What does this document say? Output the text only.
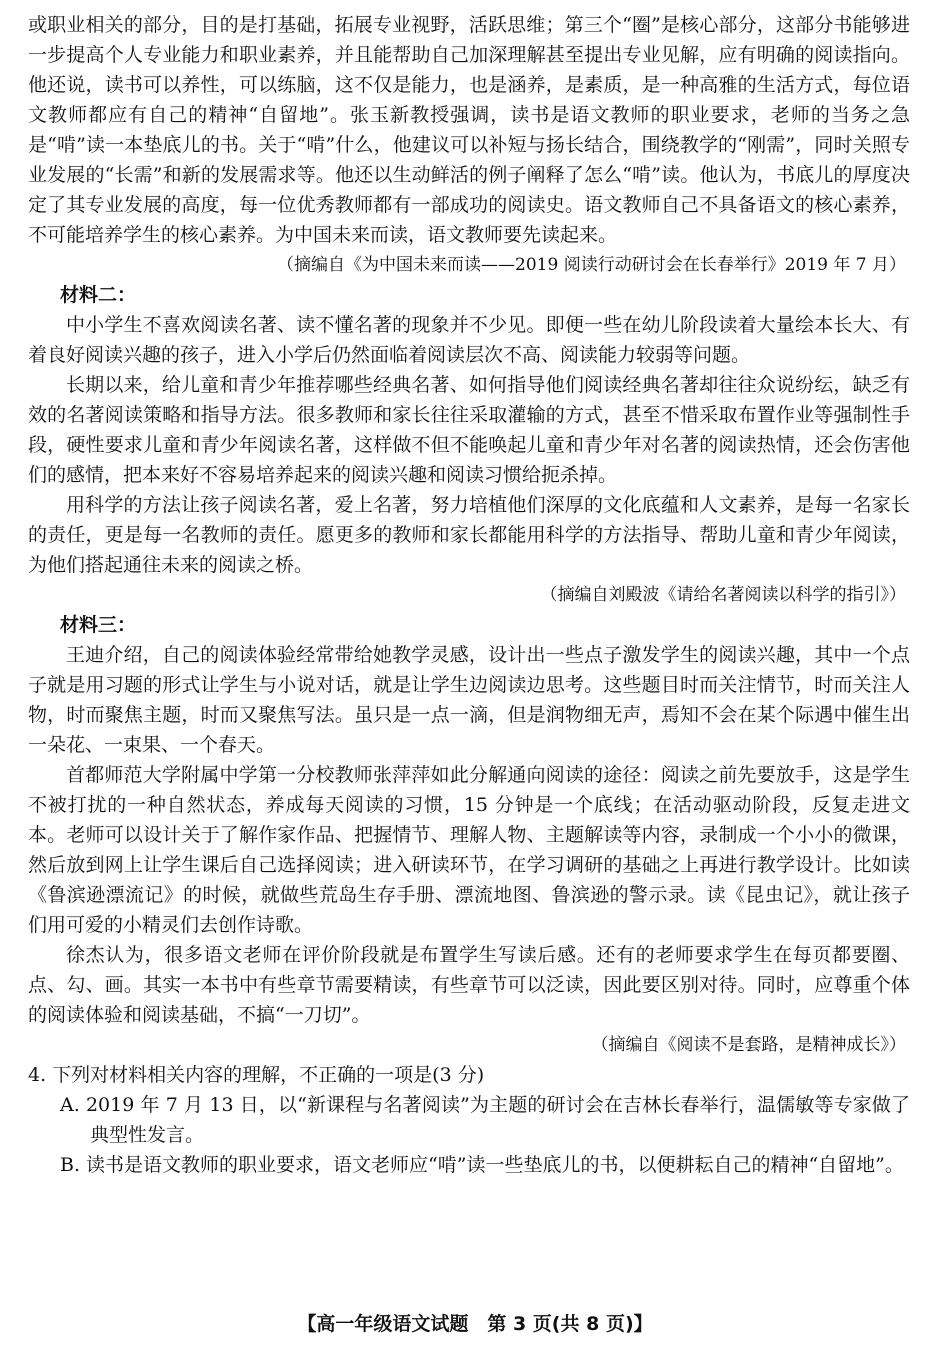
或职业相关的部分，目的是打基础，拓展专业视野，活跃思维；第三个“圈”是核心部分，这部分书能够进一步提高个人专业能力和职业素养，并且能帮助自己加深理解甚至提出专业见解，应有明确的阅读指向。他还说，读书可以养性，可以练脑，这不仅是能力，也是涵养，是素质，是一种高雅的生活方式，每位语文教师都应有自己的精神“自留地”。张玉新教授强调，读书是语文教师的职业要求，老师的当务之急是“啃”读一本垫底儿的书。关于“啃”什么，他建议可以补短与扬长结合，围绕教学的“刚需”，同时关照专业发展的“长需”和新的发展需求等。他还以生动鲜活的例子阐释了怎么“啃”读。他认为，书底儿的厚度决定了其专业发展的高度，每一位优秀教师都有一部成功的阅读史。语文教师自己不具备语文的核心素养，不可能培养学生的核心素养。为中国未来而读，语文教师要先读起来。

（摘编自《为中国未来而读——2019 阅读行动研讨会在长春举行》2019 年 7 月）

材料二：

中小学生不喜欢阅读名著、读不懂名著的现象并不少见。即便一些在幼儿阶段读着大量绘本长大、有着良好阅读兴趣的孩子，进入小学后仍然面临着阅读层次不高、阅读能力较弱等问题。

长期以来，给儿童和青少年推荐哪些经典名著、如何指导他们阅读经典名著却往往众说纷纭，缺乏有效的名著阅读策略和指导方法。很多教师和家长往往采取灌输的方式，甚至不惜采取布置作业等强制性手段，硬性要求儿童和青少年阅读名著，这样做不但不能唤起儿童和青少年对名著的阅读热情，还会伤害他们的感情，把本来好不容易培养起来的阅读兴趣和阅读习惯给扼杀掉。

用科学的方法让孩子阅读名著，爱上名著，努力培植他们深厚的文化底蕴和人文素养，是每一名家长的责任，更是每一名教师的责任。愿更多的教师和家长都能用科学的方法指导、帮助儿童和青少年阅读，为他们搭起通往未来的阅读之桥。

（摘编自刘殿波《请给名著阅读以科学的指引》）

材料三：

王迪介绍，自己的阅读体验经常带给她教学灵感，设计出一些点子激发学生的阅读兴趣，其中一个点子就是用习题的形式让学生与小说对话，就是让学生边阅读边思考。这些题目时而关注情节，时而关注人物，时而聚焦主题，时而又聚焦写法。虽只是一点一滴，但是润物细无声，焉知不会在某个际遇中催生出一朵花、一束果、一个春天。

首都师范大学附属中学第一分校教师张萍萍如此分解通向阅读的途径：阅读之前先要放手，这是学生不被打扰的一种自然状态，养成每天阅读的习惯，15 分钟是一个底线；在活动驱动阶段，反复走进文本。老师可以设计关于了解作家作品、把握情节、理解人物、主题解读等内容，录制成一个小小的微课，然后放到网上让学生课后自己选择阅读；进入研读环节，在学习调研的基础之上再进行教学设计。比如读《鲁滨逊漂流记》的时候，就做些荒岛生存手册、漂流地图、鲁滨逊的警示录。读《昆虫记》，就让孩子们用可爱的小精灵们去创作诗歌。

徐杰认为，很多语文老师在评价阶段就是布置学生写读后感。还有的老师要求学生在每页都要圈、点、勾、画。其实一本书中有些章节需要精读，有些章节可以泛读，因此要区别对待。同时，应尊重个体的阅读体验和阅读基础，不搞“一刀切”。

（摘编自《阅读不是套路，是精神成长》）

4. 下列对材料相关内容的理解，不正确的一项是(3 分)

A. 2019 年 7 月 13 日，以“新课程与名著阅读”为主题的研讨会在吉林长春举行，温儒敏等专家做了典型性发言。

B. 读书是语文教师的职业要求，语文老师应“啃”读一些垫底儿的书，以便耕耘自己的精神“自留地”。

【高一年级语文试题　第 3 页(共 8 页)】
